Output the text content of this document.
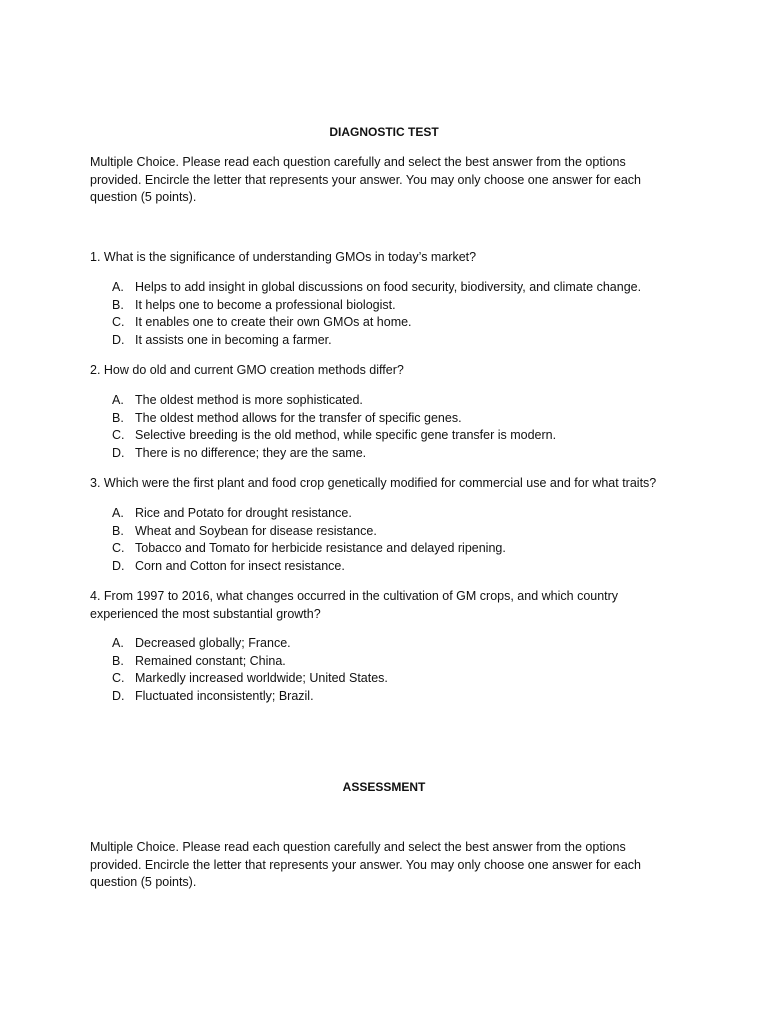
DIAGNOSTIC TEST
Multiple Choice. Please read each question carefully and select the best answer from the options provided. Encircle the letter that represents your answer. You may only choose one answer for each question (5 points).
1. What is the significance of understanding GMOs in today’s market?
A. Helps to add insight in global discussions on food security, biodiversity, and climate change.
B. It helps one to become a professional biologist.
C. It enables one to create their own GMOs at home.
D. It assists one in becoming a farmer.
2. How do old and current GMO creation methods differ?
A. The oldest method is more sophisticated.
B. The oldest method allows for the transfer of specific genes.
C. Selective breeding is the old method, while specific gene transfer is modern.
D. There is no difference; they are the same.
3. Which were the first plant and food crop genetically modified for commercial use and for what traits?
A. Rice and Potato for drought resistance.
B. Wheat and Soybean for disease resistance.
C. Tobacco and Tomato for herbicide resistance and delayed ripening.
D. Corn and Cotton for insect resistance.
4. From 1997 to 2016, what changes occurred in the cultivation of GM crops, and which country experienced the most substantial growth?
A. Decreased globally; France.
B. Remained constant; China.
C. Markedly increased worldwide; United States.
D. Fluctuated inconsistently; Brazil.
ASSESSMENT
Multiple Choice. Please read each question carefully and select the best answer from the options provided. Encircle the letter that represents your answer. You may only choose one answer for each question (5 points).
